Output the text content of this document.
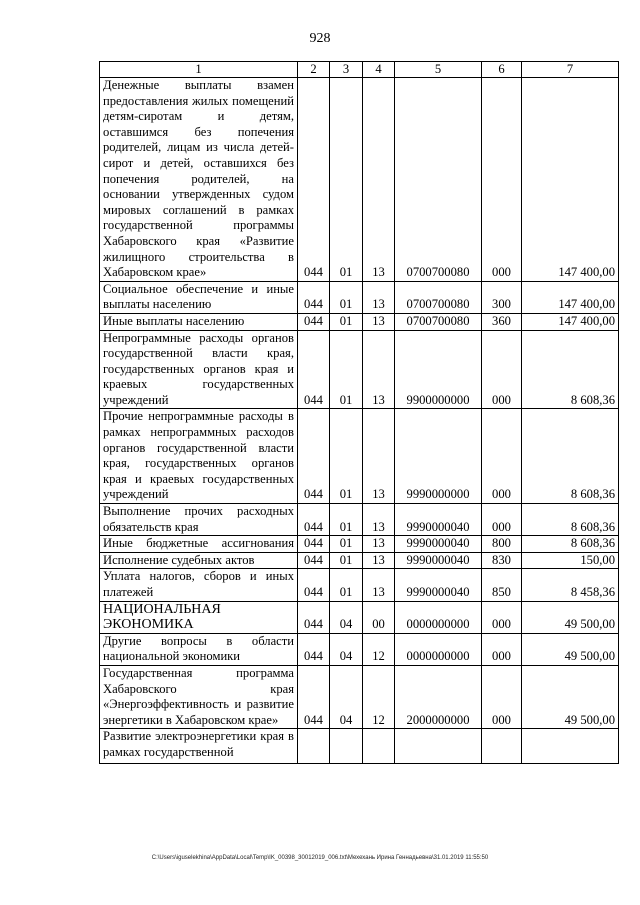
928
1	2	3	4	5	6	7
Денежные выплаты взамен предоставления жилых помещений детям-сиротам и детям, оставшимся без попечения родителей, лицам из числа детей-сирот и детей, оставшихся без попечения родителей, на основании утвержденных судом мировых соглашений в рамках государственной программы Хабаровского края «Развитие жилищного строительства в Хабаровском крае»	044	01	13	0700700080	000	147 400,00
Социальное обеспечение и иные выплаты населению	044	01	13	0700700080	300	147 400,00
Иные выплаты населению	044	01	13	0700700080	360	147 400,00
Непрограммные расходы органов государственной власти края, государственных органов края и краевых государственных учреждений	044	01	13	9900000000	000	8 608,36
Прочие непрограммные расходы в рамках непрограммных расходов органов государственной власти края, государственных органов края и краевых государственных учреждений	044	01	13	9990000000	000	8 608,36
Выполнение прочих расходных обязательств края	044	01	13	9990000040	000	8 608,36
Иные бюджетные ассигнования	044	01	13	9990000040	800	8 608,36
Исполнение судебных актов	044	01	13	9990000040	830	150,00
Уплата налогов, сборов и иных платежей	044	01	13	9990000040	850	8 458,36
НАЦИОНАЛЬНАЯ ЭКОНОМИКА	044	04	00	0000000000	000	49 500,00
Другие вопросы в области национальной экономики	044	04	12	0000000000	000	49 500,00
Государственная программа Хабаровского края «Энергоэффективность и развитие энергетики в Хабаровском крае»	044	04	12	2000000000	000	49 500,00
Развитие электроэнергетики края в рамках государственной						
C:\Users\iguselekhina\AppData\Local\Temp\IK_00398_30012019_006.txt\Мехехань Ирина Геннадьевна\31.01.2019 11:55:50
